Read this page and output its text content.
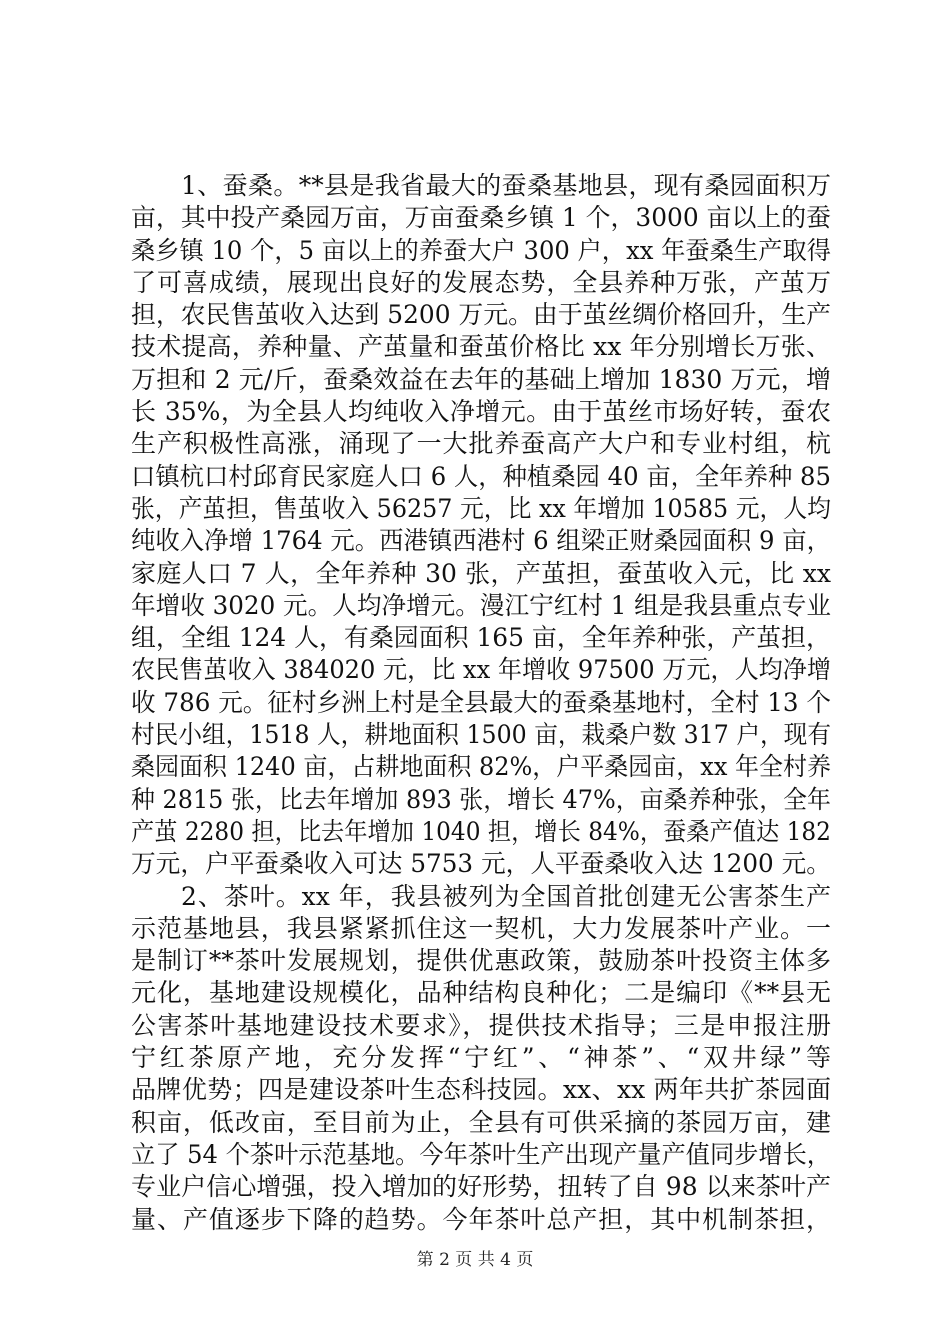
1、蚕桑。**县是我省最大的蚕桑基地县，现有桑园面积万
亩，其中投产桑园万亩，万亩蚕桑乡镇 1 个，3000 亩以上的蚕
桑乡镇 10 个，5 亩以上的养蚕大户 300 户，xx 年蚕桑生产取得
了可喜成绩，展现出良好的发展态势，全县养种万张，产茧万
担，农民售茧收入达到 5200 万元。由于茧丝绸价格回升，生产
技术提高，养种量、产茧量和蚕茧价格比 xx 年分别增长万张、
万担和 2 元/斤，蚕桑效益在去年的基础上增加 1830 万元，增
长 35%，为全县人均纯收入净增元。由于茧丝市场好转，蚕农
生产积极性高涨，涌现了一大批养蚕高产大户和专业村组，杭
口镇杭口村邱育民家庭人口 6 人，种植桑园 40 亩，全年养种 85
张，产茧担，售茧收入 56257 元，比 xx 年增加 10585 元，人均
纯收入净增 1764 元。西港镇西港村 6 组梁正财桑园面积 9 亩，
家庭人口 7 人，全年养种 30 张，产茧担，蚕茧收入元，比 xx
年增收 3020 元。人均净增元。漫江宁红村 1 组是我县重点专业
组，全组 124 人，有桑园面积 165 亩，全年养种张，产茧担，
农民售茧收入 384020 元，比 xx 年增收 97500 万元，人均净增
收 786 元。征村乡洲上村是全县最大的蚕桑基地村，全村 13 个
村民小组，1518 人，耕地面积 1500 亩，栽桑户数 317 户，现有
桑园面积 1240 亩，占耕地面积 82%，户平桑园亩，xx 年全村养
种 2815 张，比去年增加 893 张，增长 47%，亩桑养种张，全年
产茧 2280 担，比去年增加 1040 担，增长 84%，蚕桑产值达 182
万元，户平蚕桑收入可达 5753 元，人平蚕桑收入达 1200 元。
2、茶叶。xx 年，我县被列为全国首批创建无公害茶生产
示范基地县，我县紧紧抓住这一契机，大力发展茶叶产业。一
是制订**茶叶发展规划，提供优惠政策，鼓励茶叶投资主体多
元化，基地建设规模化，品种结构良种化；二是编印《**县无
公害茶叶基地建设技术要求》，提供技术指导；三是申报注册
宁红茶原产地，充分发挥“宁红”、“神茶”、“双井绿”等
品牌优势；四是建设茶叶生态科技园。xx、xx 两年共扩茶园面
积亩，低改亩，至目前为止，全县有可供采摘的茶园万亩，建
立了 54 个茶叶示范基地。今年茶叶生产出现产量产值同步增长，
专业户信心增强，投入增加的好形势，扭转了自 98 以来茶叶产
量、产值逐步下降的趋势。今年茶叶总产担，其中机制茶担，
第 2 页 共 4 页
